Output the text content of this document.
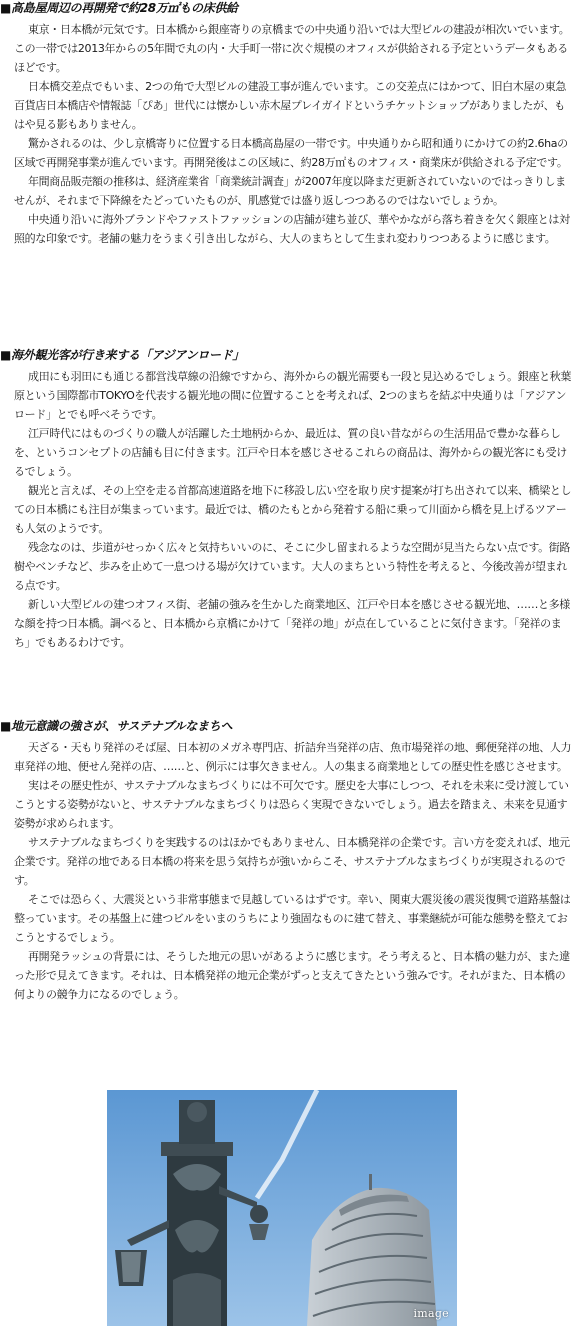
■高島屋周辺の再開発で約28万㎡もの床供給

東京・日本橋が元気です。日本橋から銀座寄りの京橋までの中央通り沿いでは大型ビルの建設が相次いでいます。この一帯では2013年からの5年間で丸の内・大手町一帯に次ぐ規模のオフィスが供給される予定というデータもあるほどです。

日本橋交差点でもいま、2つの角で大型ビルの建設工事が進んでいます。この交差点にはかつて、旧白木屋の東急百貨店日本橋店や情報誌「ぴあ」世代には懐かしい赤木屋プレイガイドというチケットショップがありましたが、もはや見る影もありません。

驚かされるのは、少し京橋寄りに位置する日本橋高島屋の一帯です。中央通りから昭和通りにかけての約2.6haの区域で再開発事業が進んでいます。再開発後はこの区域に、約28万㎡ものオフィス・商業床が供給される予定です。

年間商品販売額の推移は、経済産業省「商業統計調査」が2007年度以降まだ更新されていないのではっきりしませんが、それまで下降線をたどっていたものが、肌感覚では盛り返しつつあるのではないでしょうか。

中央通り沿いに海外ブランドやファストファッションの店舗が建ち並び、華やかながら落ち着きを欠く銀座とは対照的な印象です。老舗の魅力をうまく引き出しながら、大人のまちとして生まれ変わりつつあるように感じます。

■海外観光客が行き来する「アジアンロード」

成田にも羽田にも通じる都営浅草線の沿線ですから、海外からの観光需要も一段と見込めるでしょう。銀座と秋葉原という国際都市TOKYOを代表する観光地の間に位置することを考えれば、2つのまちを結ぶ中央通りは「アジアンロード」とでも呼べそうです。

江戸時代にはものづくりの職人が活躍した土地柄からか、最近は、質の良い昔ながらの生活用品で豊かな暮らしを、というコンセプトの店舗も目に付きます。江戸や日本を感じさせるこれらの商品は、海外からの観光客にも受けるでしょう。

観光と言えば、その上空を走る首都高速道路を地下に移設し広い空を取り戻す提案が打ち出されて以来、橋梁としての日本橋にも注目が集まっています。最近では、橋のたもとから発着する船に乗って川面から橋を見上げるツアーも人気のようです。

残念なのは、歩道がせっかく広々と気持ちいいのに、そこに少し留まれるような空間が見当たらない点です。街路樹やベンチなど、歩みを止めて一息つける場が欠けています。大人のまちという特性を考えると、今後改善が望まれる点です。

新しい大型ビルの建つオフィス街、老舗の強みを生かした商業地区、江戸や日本を感じさせる観光地、……と多様な顔を持つ日本橋。調べると、日本橋から京橋にかけて「発祥の地」が点在していることに気付きます。「発祥のまち」でもあるわけです。

■地元意識の強さが、サステナブルなまちへ

天ざる・天もり発祥のそば屋、日本初のメガネ専門店、折詰弁当発祥の店、魚市場発祥の地、郵便発祥の地、人力車発祥の地、便せん発祥の店、……と、例示には事欠きません。人の集まる商業地としての歴史性を感じさせます。

実はその歴史性が、サステナブルなまちづくりには不可欠です。歴史を大事にしつつ、それを未来に受け渡していこうとする姿勢がないと、サステナブルなまちづくりは恐らく実現できないでしょう。過去を踏まえ、未来を見通す姿勢が求められます。

サステナブルなまちづくりを実践するのはほかでもありません、日本橋発祥の企業です。言い方を変えれば、地元企業です。発祥の地である日本橋の将来を思う気持ちが強いからこそ、サステナブルなまちづくりが実現されるのです。

そこでは恐らく、大震災という非常事態まで見越しているはずです。幸い、関東大震災後の震災復興で道路基盤は整っています。その基盤上に建つビルをいまのうちにより強固なものに建て替え、事業継続が可能な態勢を整えておこうとするでしょう。

再開発ラッシュの背景には、そうした地元の思いがあるように感じます。そう考えると、日本橋の魅力が、また違った形で見えてきます。それは、日本橋発祥の地元企業がずっと支えてきたという強みです。それがまた、日本橋の何よりの競争力になるのでしょう。

image
